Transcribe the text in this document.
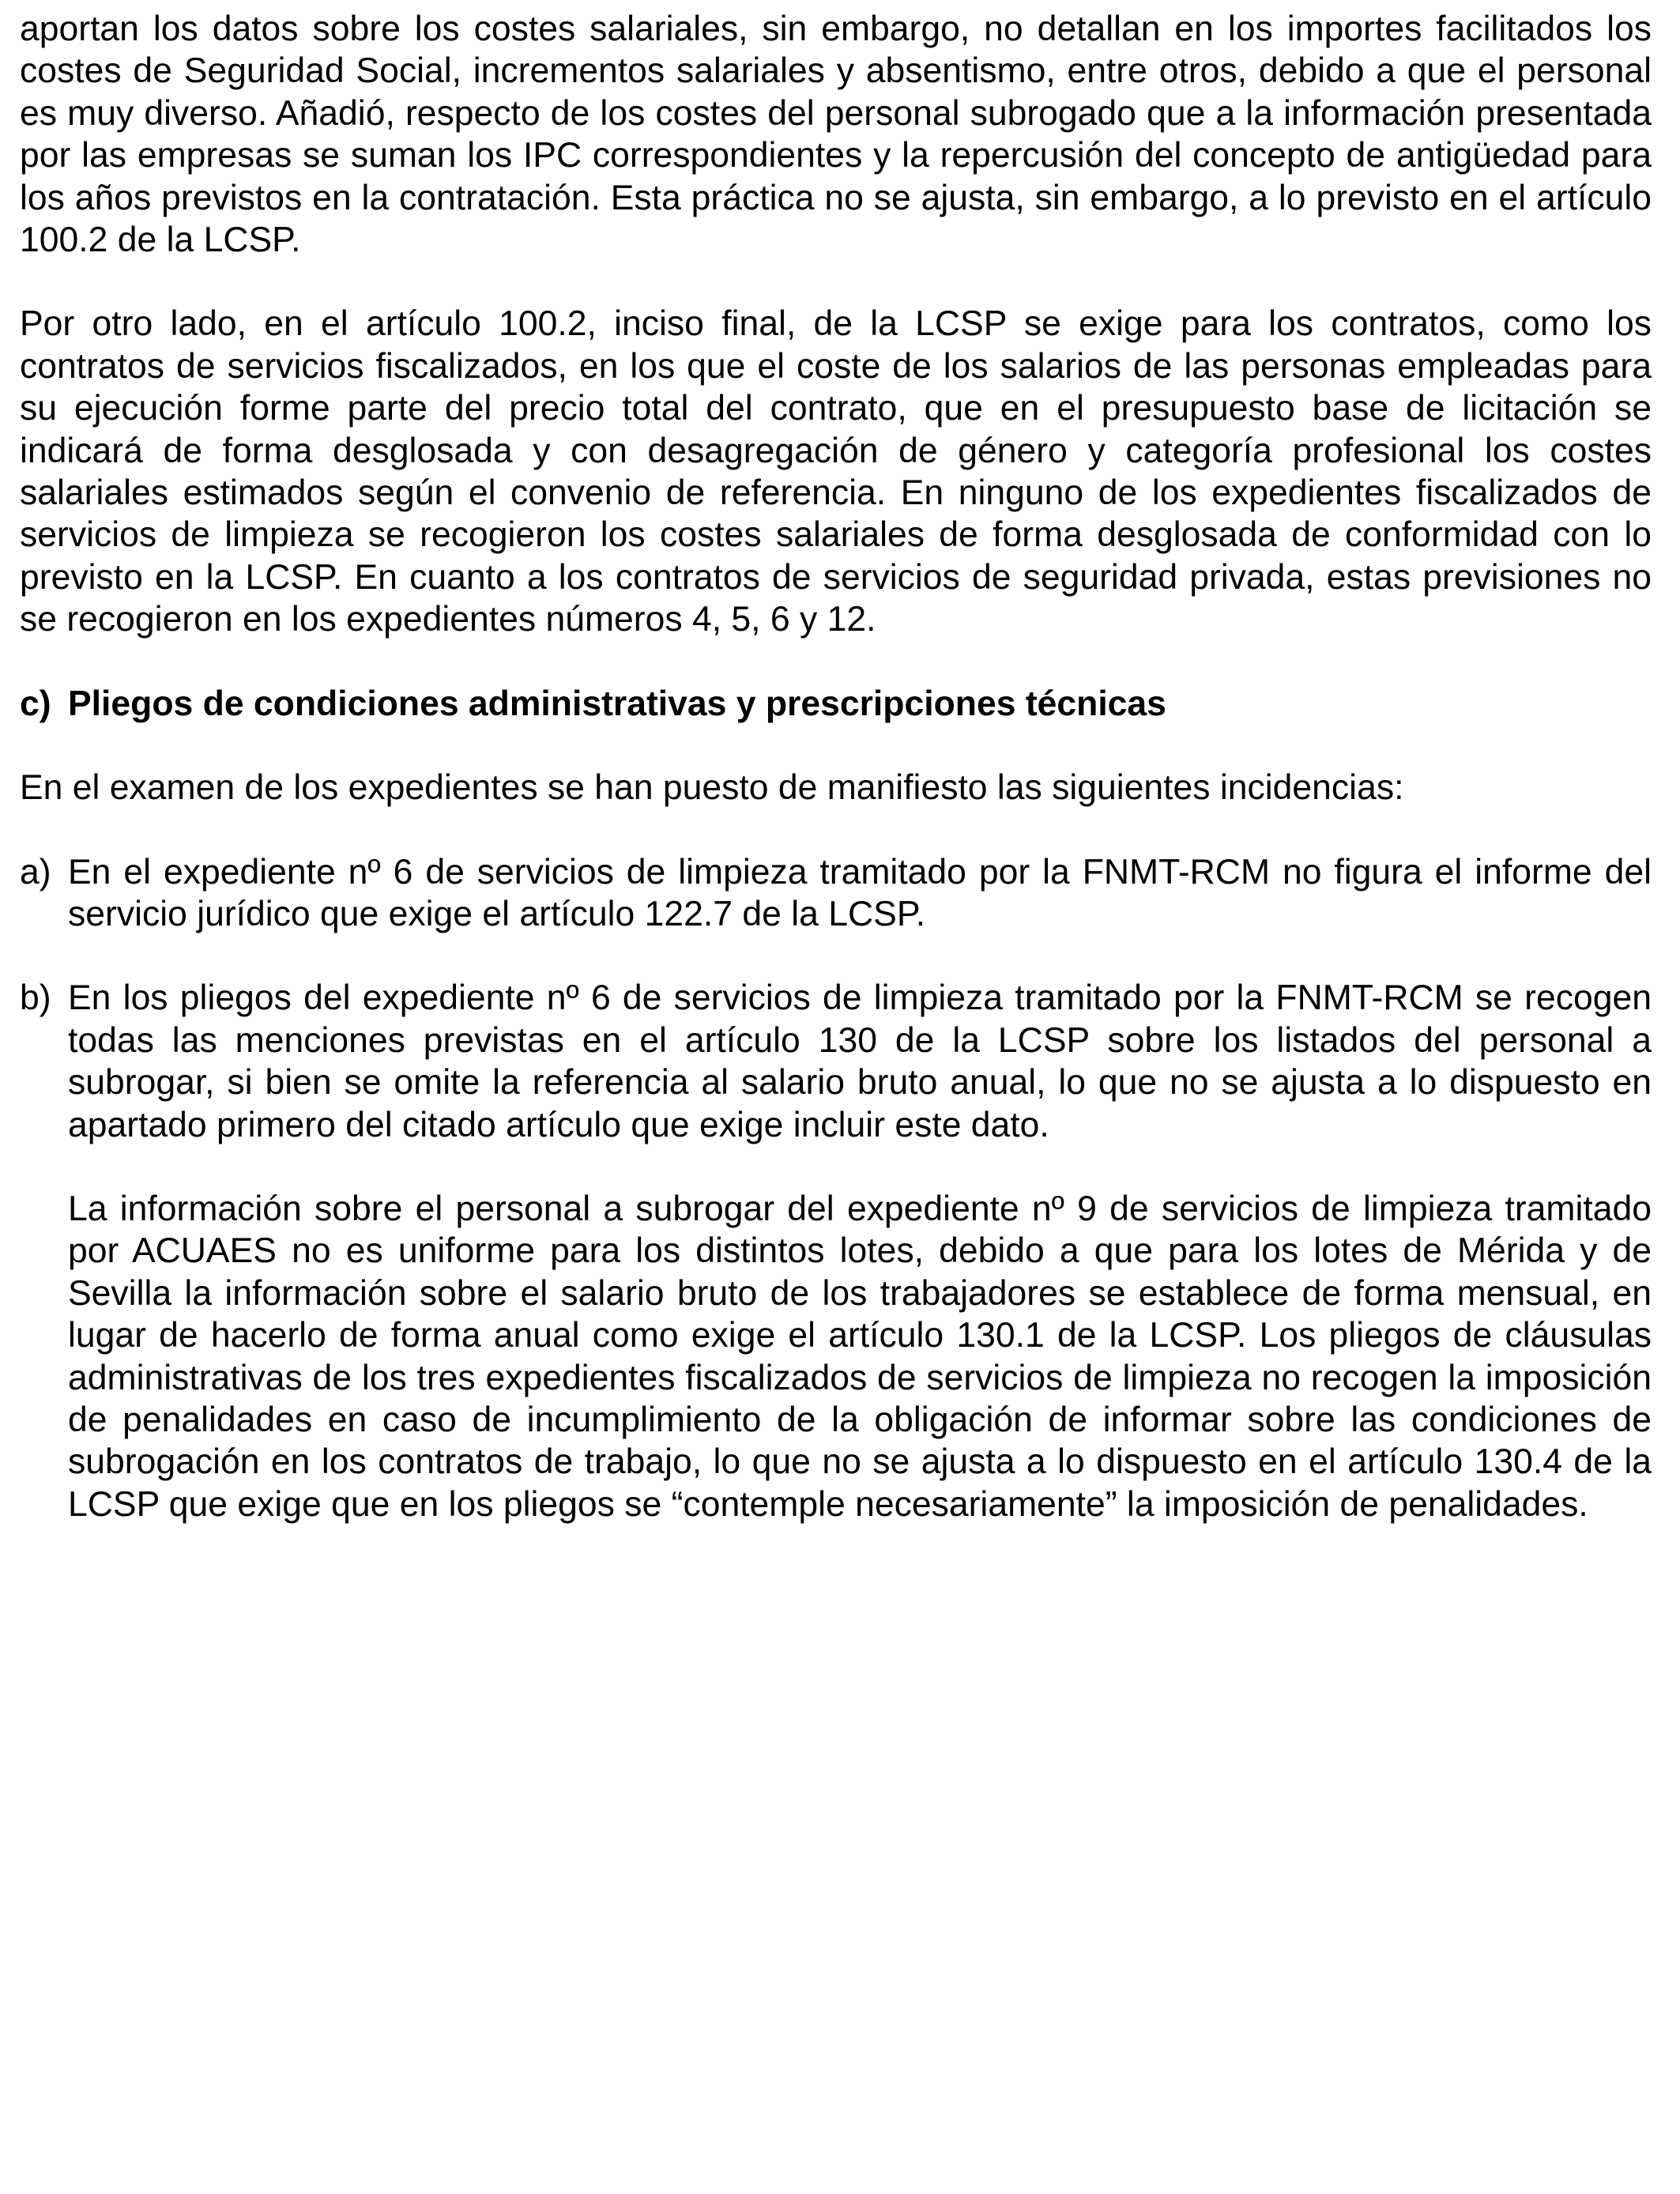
aportan los datos sobre los costes salariales, sin embargo, no detallan en los importes facilitados los costes de Seguridad Social, incrementos salariales y absentismo, entre otros, debido a que el personal es muy diverso. Añadió, respecto de los costes del personal subrogado que a la información presentada por las empresas se suman los IPC correspondientes y la repercusión del concepto de antigüedad para los años previstos en la contratación. Esta práctica no se ajusta, sin embargo, a lo previsto en el artículo 100.2 de la LCSP.

Por otro lado, en el artículo 100.2, inciso final, de la LCSP se exige para los contratos, como los contratos de servicios fiscalizados, en los que el coste de los salarios de las personas empleadas para su ejecución forme parte del precio total del contrato, que en el presupuesto base de licitación se indicará de forma desglosada y con desagregación de género y categoría profesional los costes salariales estimados según el convenio de referencia. En ninguno de los expedientes fiscalizados de servicios de limpieza se recogieron los costes salariales de forma desglosada de conformidad con lo previsto en la LCSP. En cuanto a los contratos de servicios de seguridad privada, estas previsiones no se recogieron en los expedientes números 4, 5, 6 y 12.

c) Pliegos de condiciones administrativas y prescripciones técnicas

En el examen de los expedientes se han puesto de manifiesto las siguientes incidencias:

a) En el expediente nº 6 de servicios de limpieza tramitado por la FNMT-RCM no figura el informe del servicio jurídico que exige el artículo 122.7 de la LCSP.

b) En los pliegos del expediente nº 6 de servicios de limpieza tramitado por la FNMT-RCM se recogen todas las menciones previstas en el artículo 130 de la LCSP sobre los listados del personal a subrogar, si bien se omite la referencia al salario bruto anual, lo que no se ajusta a lo dispuesto en apartado primero del citado artículo que exige incluir este dato.

La información sobre el personal a subrogar del expediente nº 9 de servicios de limpieza tramitado por ACUAES no es uniforme para los distintos lotes, debido a que para los lotes de Mérida y de Sevilla la información sobre el salario bruto de los trabajadores se establece de forma mensual, en lugar de hacerlo de forma anual como exige el artículo 130.1 de la LCSP. Los pliegos de cláusulas administrativas de los tres expedientes fiscalizados de servicios de limpieza no recogen la imposición de penalidades en caso de incumplimiento de la obligación de informar sobre las condiciones de subrogación en los contratos de trabajo, lo que no se ajusta a lo dispuesto en el artículo 130.4 de la LCSP que exige que en los pliegos se “contemple necesariamente” la imposición de penalidades.
